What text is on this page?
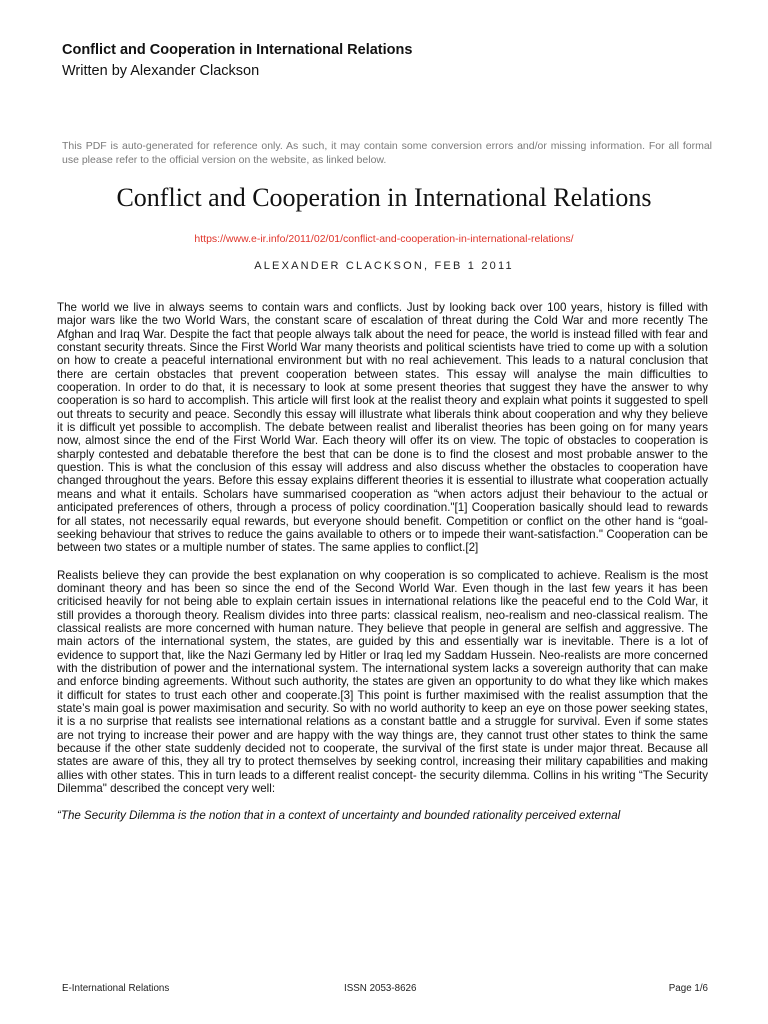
Conflict and Cooperation in International Relations
Written by Alexander Clackson
This PDF is auto-generated for reference only. As such, it may contain some conversion errors and/or missing information. For all formal use please refer to the official version on the website, as linked below.
Conflict and Cooperation in International Relations
https://www.e-ir.info/2011/02/01/conflict-and-cooperation-in-international-relations/
ALEXANDER CLACKSON, FEB 1 2011

The world we live in always seems to contain wars and conflicts. Just by looking back over 100 years, history is filled with major wars like the two World Wars, the constant scare of escalation of threat during the Cold War and more recently The Afghan and Iraq War. Despite the fact that people always talk about the need for peace, the world is instead filled with fear and constant security threats. Since the First World War many theorists and political scientists have tried to come up with a solution on how to create a peaceful international environment but with no real achievement. This leads to a natural conclusion that there are certain obstacles that prevent cooperation between states. This essay will analyse the main difficulties to cooperation. In order to do that, it is necessary to look at some present theories that suggest they have the answer to why cooperation is so hard to accomplish. This article will first look at the realist theory and explain what points it suggested to spell out threats to security and peace. Secondly this essay will illustrate what liberals think about cooperation and why they believe it is difficult yet possible to accomplish. The debate between realist and liberalist theories has been going on for many years now, almost since the end of the First World War. Each theory will offer its on view. The topic of obstacles to cooperation is sharply contested and debatable therefore the best that can be done is to find the closest and most probable answer to the question. This is what the conclusion of this essay will address and also discuss whether the obstacles to cooperation have changed throughout the years. Before this essay explains different theories it is essential to illustrate what cooperation actually means and what it entails. Scholars have summarised cooperation as “when actors adjust their behaviour to the actual or anticipated preferences of others, through a process of policy coordination."[1] Cooperation basically should lead to rewards for all states, not necessarily equal rewards, but everyone should benefit. Competition or conflict on the other hand is “goal-seeking behaviour that strives to reduce the gains available to others or to impede their want-satisfaction." Cooperation can be between two states or a multiple number of states. The same applies to conflict.[2]

Realists believe they can provide the best explanation on why cooperation is so complicated to achieve. Realism is the most dominant theory and has been so since the end of the Second World War. Even though in the last few years it has been criticised heavily for not being able to explain certain issues in international relations like the peaceful end to the Cold War, it still provides a thorough theory. Realism divides into three parts: classical realism, neo-realism and neo-classical realism. The classical realists are more concerned with human nature. They believe that people in general are selfish and aggressive. The main actors of the international system, the states, are guided by this and essentially war is inevitable. There is a lot of evidence to support that, like the Nazi Germany led by Hitler or Iraq led my Saddam Hussein. Neo-realists are more concerned with the distribution of power and the international system. The international system lacks a sovereign authority that can make and enforce binding agreements. Without such authority, the states are given an opportunity to do what they like which makes it difficult for states to trust each other and cooperate.[3] This point is further maximised with the realist assumption that the state’s main goal is power maximisation and security. So with no world authority to keep an eye on those power seeking states, it is a no surprise that realists see international relations as a constant battle and a struggle for survival. Even if some states are not trying to increase their power and are happy with the way things are, they cannot trust other states to think the same because if the other state suddenly decided not to cooperate, the survival of the first state is under major threat. Because all states are aware of this, they all try to protect themselves by seeking control, increasing their military capabilities and making allies with other states. This in turn leads to a different realist concept- the security dilemma. Collins in his writing “The Security Dilemma" described the concept very well:

“The Security Dilemma is the notion that in a context of uncertainty and bounded rationality perceived external

E-International Relations	ISSN 2053-8626	Page 1/6
